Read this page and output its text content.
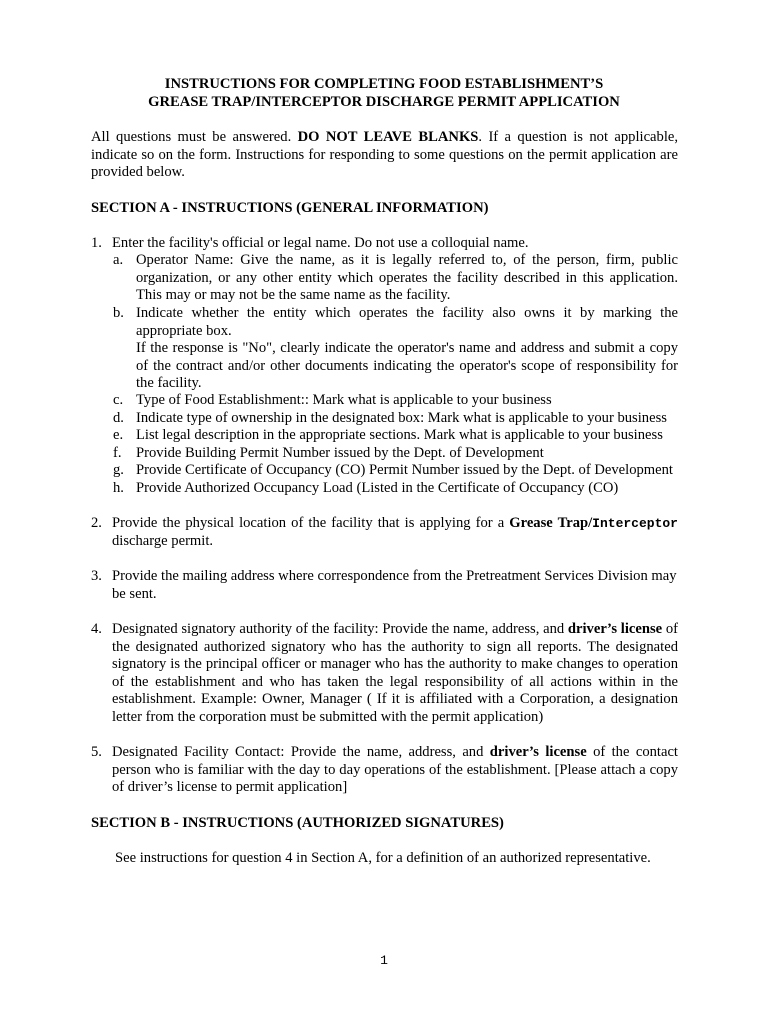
INSTRUCTIONS FOR COMPLETING FOOD ESTABLISHMENT’S
GREASE TRAP/INTERCEPTOR DISCHARGE PERMIT APPLICATION

All questions must be answered. DO NOT LEAVE BLANKS. If a question is not applicable, indicate so on the form. Instructions for responding to some questions on the permit application are provided below.

SECTION A - INSTRUCTIONS (GENERAL INFORMATION)
1. Enter the facility's official or legal name. Do not use a colloquial name.
a. Operator Name: Give the name, as it is legally referred to, of the person, firm, public organization, or any other entity which operates the facility described in this application. This may or may not be the same name as the facility.
b. Indicate whether the entity which operates the facility also owns it by marking the appropriate box.
If the response is "No", clearly indicate the operator's name and address and submit a copy of the contract and/or other documents indicating the operator's scope of responsibility for the facility.
c. Type of Food Establishment:: Mark what is applicable to your business
d. Indicate type of ownership in the designated box: Mark what is applicable to your business
e. List legal description in the appropriate sections. Mark what is applicable to your business
f. Provide Building Permit Number issued by the Dept. of Development
g. Provide Certificate of Occupancy (CO) Permit Number issued by the Dept. of Development
h. Provide Authorized Occupancy Load (Listed in the Certificate of Occupancy (CO)
2. Provide the physical location of the facility that is applying for a Grease Trap/Interceptor discharge permit.
3. Provide the mailing address where correspondence from the Pretreatment Services Division may be sent.
4. Designated signatory authority of the facility: Provide the name, address, and driver’s license of the designated authorized signatory who has the authority to sign all reports. The designated signatory is the principal officer or manager who has the authority to make changes to operation of the establishment and who has taken the legal responsibility of all actions within in the establishment. Example: Owner, Manager ( If it is affiliated with a Corporation, a designation letter from the corporation must be submitted with the permit application)
5. Designated Facility Contact: Provide the name, address, and driver’s license of the contact person who is familiar with the day to day operations of the establishment. [Please attach a copy of driver’s license to permit application]
SECTION B - INSTRUCTIONS (AUTHORIZED SIGNATURES)
See instructions for question 4 in Section A, for a definition of an authorized representative.
1
